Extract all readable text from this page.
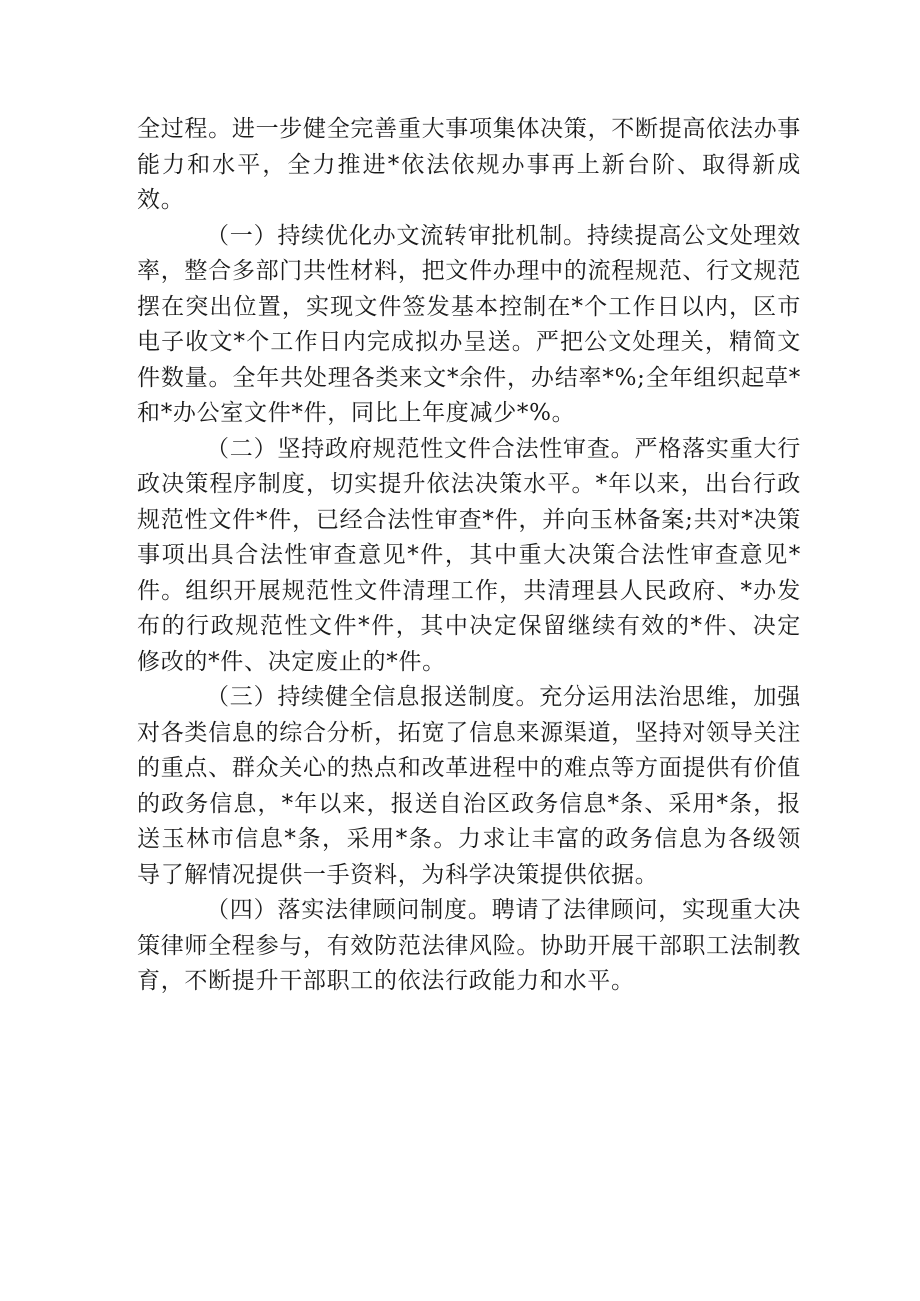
全过程。进一步健全完善重大事项集体决策，不断提高依法办事能力和水平，全力推进*依法依规办事再上新台阶、取得新成效。

（一）持续优化办文流转审批机制。持续提高公文处理效率，整合多部门共性材料，把文件办理中的流程规范、行文规范摆在突出位置，实现文件签发基本控制在*个工作日以内，区市电子收文*个工作日内完成拟办呈送。严把公文处理关，精简文件数量。全年共处理各类来文*余件，办结率*%;全年组织起草*和*办公室文件*件，同比上年度减少*%。

（二）坚持政府规范性文件合法性审查。严格落实重大行政决策程序制度，切实提升依法决策水平。*年以来，出台行政规范性文件*件，已经合法性审查*件，并向玉林备案;共对*决策事项出具合法性审查意见*件，其中重大决策合法性审查意见*件。组织开展规范性文件清理工作，共清理县人民政府、*办发布的行政规范性文件*件，其中决定保留继续有效的*件、决定修改的*件、决定废止的*件。

（三）持续健全信息报送制度。充分运用法治思维，加强对各类信息的综合分析，拓宽了信息来源渠道，坚持对领导关注的重点、群众关心的热点和改革进程中的难点等方面提供有价值的政务信息，*年以来，报送自治区政务信息*条、采用*条，报送玉林市信息*条，采用*条。力求让丰富的政务信息为各级领导了解情况提供一手资料，为科学决策提供依据。

（四）落实法律顾问制度。聘请了法律顾问，实现重大决策律师全程参与，有效防范法律风险。协助开展干部职工法制教育，不断提升干部职工的依法行政能力和水平。
